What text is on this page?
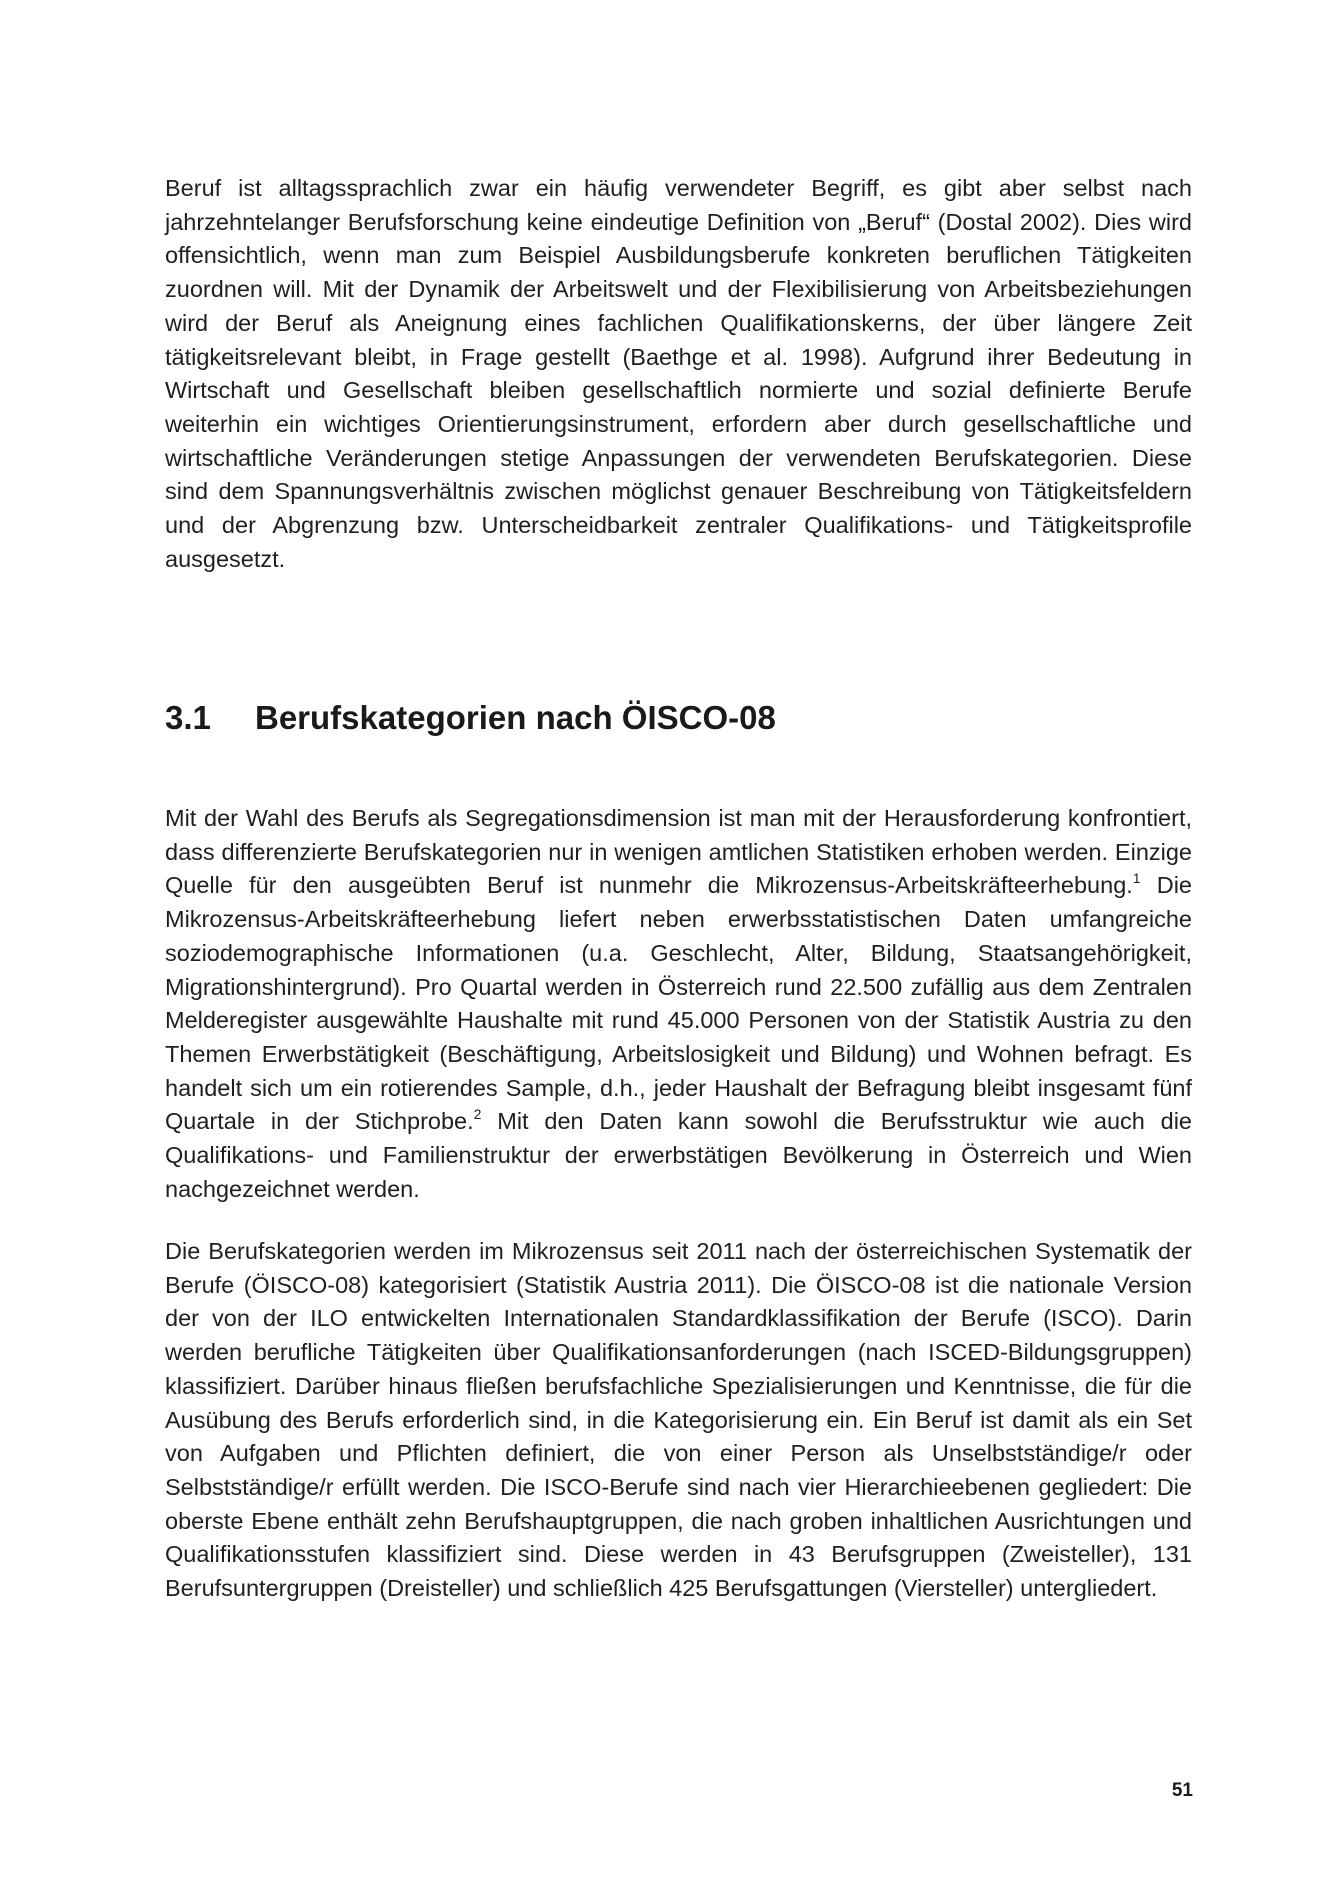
Beruf ist alltagssprachlich zwar ein häufig verwendeter Begriff, es gibt aber selbst nach jahrzehntelanger Berufsforschung keine eindeutige Definition von „Beruf“ (Dostal 2002). Dies wird offensichtlich, wenn man zum Beispiel Ausbildungsberufe konkreten beruflichen Tätigkeiten zuordnen will. Mit der Dynamik der Arbeitswelt und der Flexibilisierung von Arbeitsbeziehungen wird der Beruf als Aneignung eines fachlichen Qualifikationskerns, der über längere Zeit tätigkeitsrelevant bleibt, in Frage gestellt (Baethge et al. 1998). Aufgrund ihrer Bedeutung in Wirtschaft und Gesellschaft bleiben gesellschaftlich normierte und sozial definierte Berufe weiterhin ein wichtiges Orientierungsinstrument, erfordern aber durch gesellschaftliche und wirtschaftliche Veränderungen stetige Anpassungen der verwendeten Berufskategorien. Diese sind dem Spannungsverhältnis zwischen möglichst genauer Beschreibung von Tätigkeitsfeldern und der Abgrenzung bzw. Unterscheidbarkeit zentraler Qualifikations- und Tätigkeitsprofile ausgesetzt.

3.1 Berufskategorien nach ÖISCO-08

Mit der Wahl des Berufs als Segregationsdimension ist man mit der Herausforderung konfrontiert, dass differenzierte Berufskategorien nur in wenigen amtlichen Statistiken erhoben werden. Einzige Quelle für den ausgeübten Beruf ist nunmehr die Mikrozensus-Arbeitskräfteerhebung.$^1$ Die Mikrozensus-Arbeitskräfteerhebung liefert neben erwerbsstatistischen Daten umfangreiche soziodemographische Informationen (u.a. Geschlecht, Alter, Bildung, Staatsangehörigkeit, Migrationshintergrund). Pro Quartal werden in Österreich rund 22.500 zufällig aus dem Zentralen Melderegister ausgewählte Haushalte mit rund 45.000 Personen von der Statistik Austria zu den Themen Erwerbstätigkeit (Beschäftigung, Arbeitslosigkeit und Bildung) und Wohnen befragt. Es handelt sich um ein rotierendes Sample, d.h., jeder Haushalt der Befragung bleibt insgesamt fünf Quartale in der Stichprobe.$^2$ Mit den Daten kann sowohl die Berufsstruktur wie auch die Qualifikations- und Familienstruktur der erwerbstätigen Bevölkerung in Österreich und Wien nachgezeichnet werden.

Die Berufskategorien werden im Mikrozensus seit 2011 nach der österreichischen Systematik der Berufe (ÖISCO-08) kategorisiert (Statistik Austria 2011). Die ÖISCO-08 ist die nationale Version der von der ILO entwickelten Internationalen Standardklassifikation der Berufe (ISCO). Darin werden berufliche Tätigkeiten über Qualifikationsanforderungen (nach ISCED-Bildungsgruppen) klassifiziert. Darüber hinaus fließen berufsfachliche Spezialisierungen und Kenntnisse, die für die Ausübung des Berufs erforderlich sind, in die Kategorisierung ein. Ein Beruf ist damit als ein Set von Aufgaben und Pflichten definiert, die von einer Person als Unselbstständige/r oder Selbstständige/r erfüllt werden. Die ISCO-Berufe sind nach vier Hierarchieebenen gegliedert: Die oberste Ebene enthält zehn Berufshauptgruppen, die nach groben inhaltlichen Ausrichtungen und Qualifikationsstufen klassifiziert sind. Diese werden in 43 Berufsgruppen (Zweisteller), 131 Berufsuntergruppen (Dreisteller) und schließlich 425 Berufsgattungen (Viersteller) untergliedert.

51
